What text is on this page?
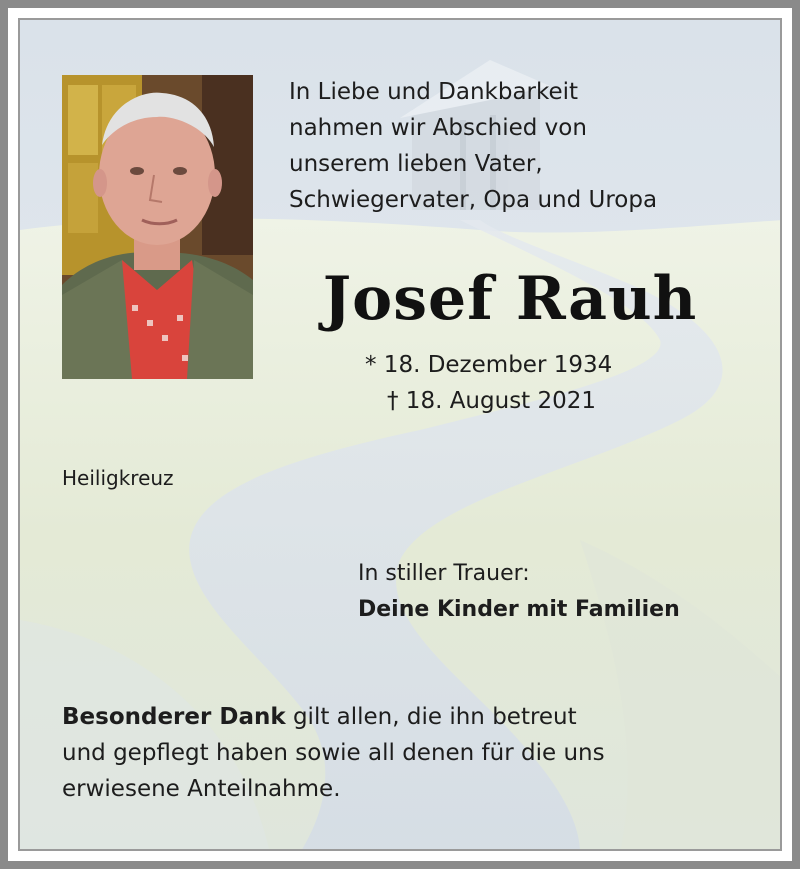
In Liebe und Dankbarkeit
nahmen wir Abschied von
unserem lieben Vater,
Schwiegervater, Opa und Uropa
Josef Rauh
* 18. Dezember 1934
† 18. August 2021
Heiligkreuz
In stiller Trauer:
Deine Kinder mit Familien
Besonderer Dank gilt allen, die ihn betreut
und gepflegt haben sowie all denen für die uns
erwiesene Anteilnahme.
